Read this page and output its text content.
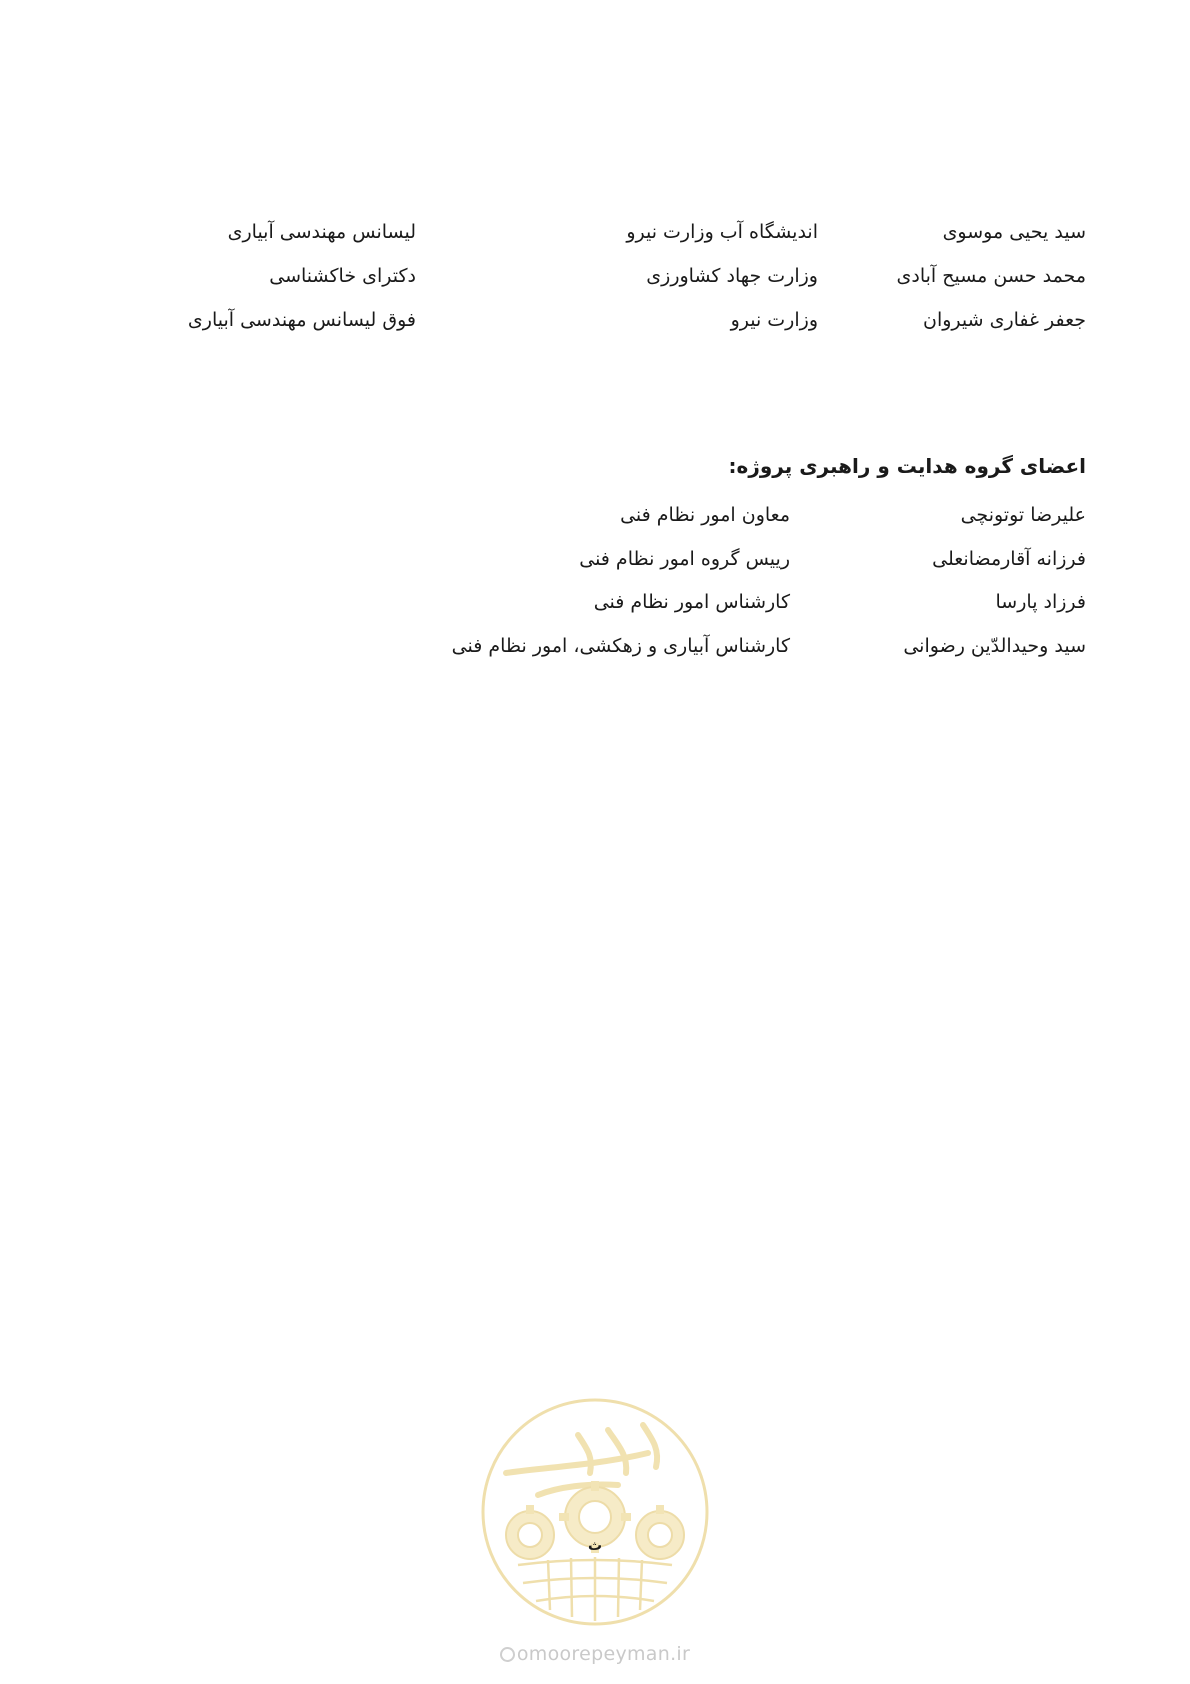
سید یحیی موسوی
اندیشگاه آب وزارت نیرو
لیسانس مهندسی آبیاری
محمد حسن مسیح آبادی
وزارت جهاد کشاورزی
دکترای خاکشناسی
جعفر غفاری شیروان
وزارت نیرو
فوق لیسانس مهندسی آبیاری
اعضای گروه هدایت و راهبری پروژه:
علیرضا توتونچی
معاون امور نظام فنی
فرزانه آقارمضانعلی
رییس گروه امور نظام فنی
فرزاد پارسا
کارشناس امور نظام فنی
سید وحیدالدّین رضوانی
کارشناس آبیاری و زهکشی، امور نظام فنی
ث
omoorepeyman.ir
